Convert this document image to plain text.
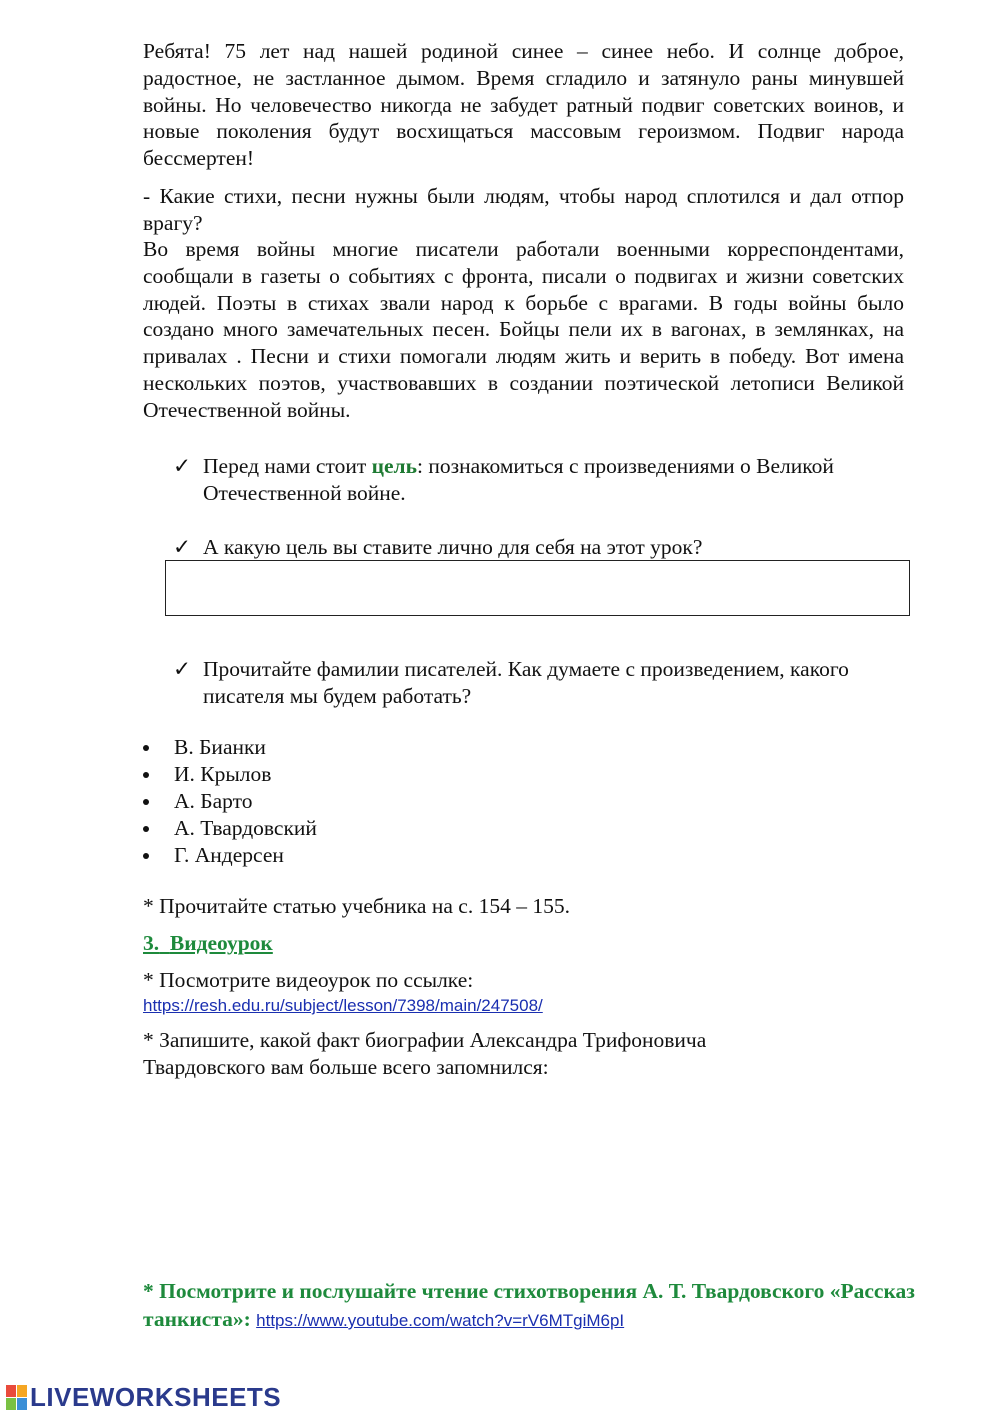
Ребята! 75 лет над нашей родиной синее – синее небо. И солнце доброе, радостное, не застланное дымом. Время сгладило и затянуло раны минувшей войны. Но человечество никогда не забудет ратный подвиг советских воинов, и новые поколения будут восхищаться массовым героизмом. Подвиг народа бессмертен!

- Какие стихи, песни нужны были людям, чтобы народ сплотился и дал отпор врагу?

Во время войны многие писатели работали военными корреспондентами, сообщали в газеты о событиях с фронта, писали о подвигах и жизни советских людей. Поэты в стихах звали народ к борьбе с врагами. В годы войны было создано много замечательных песен. Бойцы пели их в вагонах, в землянках, на привалах . Песни и стихи помогали людям жить и верить в победу. Вот имена нескольких поэтов, участвовавших в создании поэтической летописи Великой Отечественной войны.

✓ Перед нами стоит цель: познакомиться с произведениями о Великой Отечественной войне.
✓ А какую цель вы ставите лично для себя на этот урок?
✓ Прочитайте фамилии писателей. Как думаете с произведением, какого писателя мы будем работать?
В. Бианки
И. Крылов
А. Барто
А. Твардовский
Г. Андерсен
* Прочитайте статью учебника на с. 154 – 155.
3. Видеоурок
* Посмотрите видеоурок по ссылке:
https://resh.edu.ru/subject/lesson/7398/main/247508/
* Запишите, какой факт биографии Александра Трифоновича
Твардовского вам больше всего запомнился:
* Посмотрите и послушайте чтение стихотворения А. Т. Твардовского «Рассказ танкиста»: https://www.youtube.com/watch?v=rV6MTgiM6pI
LIVEWORKSHEETS
